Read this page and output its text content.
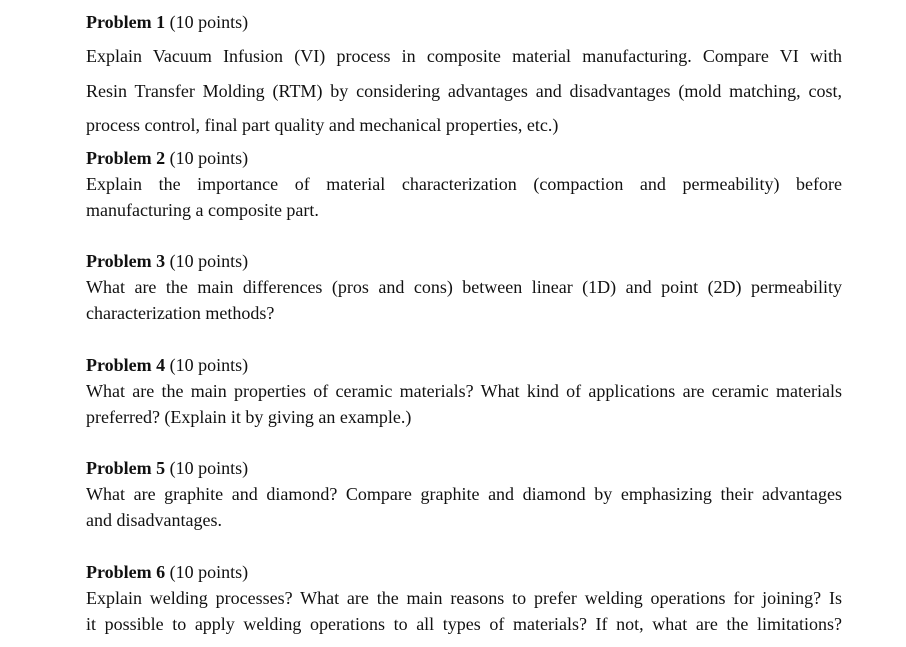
Problem 1 (10 points)
Explain Vacuum Infusion (VI) process in composite material manufacturing. Compare VI with
Resin Transfer Molding (RTM) by considering advantages and disadvantages (mold matching, cost,
process control, final part quality and mechanical properties, etc.)
Problem 2 (10 points)
Explain the importance of material characterization (compaction and permeability) before
manufacturing a composite part.
Problem 3 (10 points)
What are the main differences (pros and cons) between linear (1D) and point (2D) permeability
characterization methods?
Problem 4 (10 points)
What are the main properties of ceramic materials? What kind of applications are ceramic materials
preferred? (Explain it by giving an example.)
Problem 5 (10 points)
What are graphite and diamond? Compare graphite and diamond by emphasizing their advantages
and disadvantages.
Problem 6 (10 points)
Explain welding processes? What are the main reasons to prefer welding operations for joining? Is
it possible to apply welding operations to all types of materials? If not, what are the limitations?
